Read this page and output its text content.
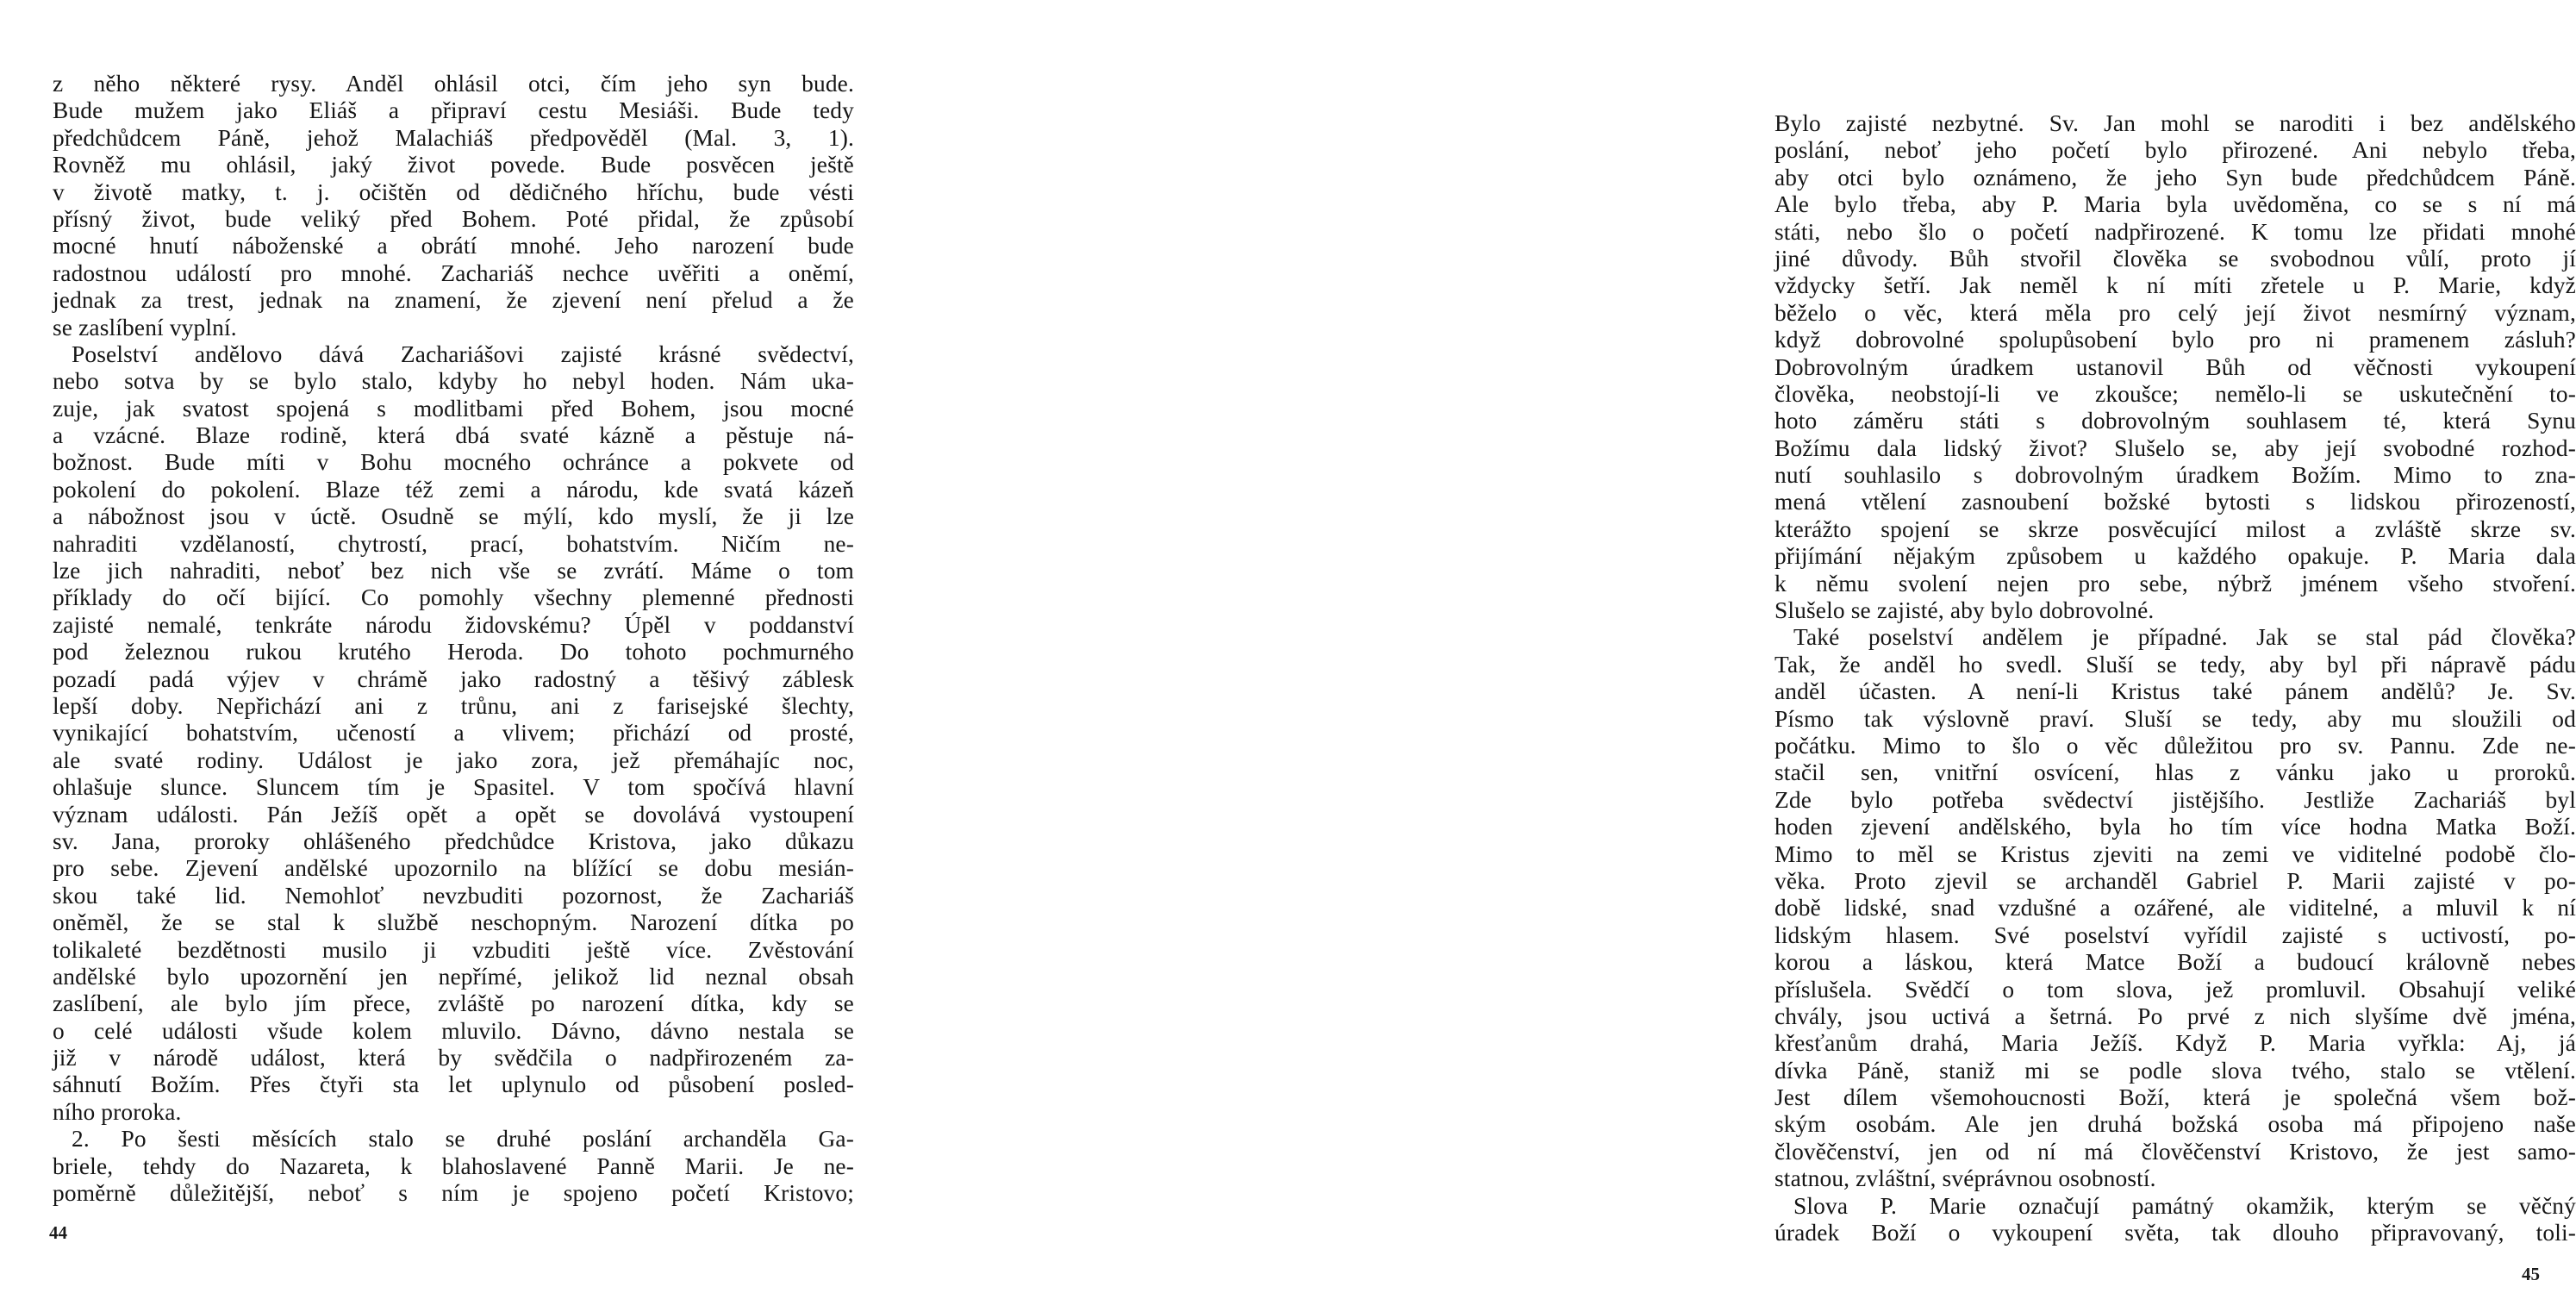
z něho některé rysy. Anděl ohlásil otci, čím jeho syn bude.
Bude mužem jako Eliáš a připraví cestu Mesiáši. Bude tedy
předchůdcem Páně, jehož Malachiáš předpověděl (Mal. 3, 1).
Rovněž mu ohlásil, jaký život povede. Bude posvěcen ještě
v životě matky, t. j. očištěn od dědičného hříchu, bude vésti
přísný život, bude veliký před Bohem. Poté přidal, že způsobí
mocné hnutí náboženské a obrátí mnohé. Jeho narození bude
radostnou událostí pro mnohé. Zachariáš nechce uvěřiti a oněmí,
jednak za trest, jednak na znamení, že zjevení není přelud a že
se zaslíbení vyplní.
Poselství andělovo dává Zachariášovi zajisté krásné svědectví,
nebo sotva by se bylo stalo, kdyby ho nebyl hoden. Nám uka-
zuje, jak svatost spojená s modlitbami před Bohem, jsou mocné
a vzácné. Blaze rodině, která dbá svaté kázně a pěstuje ná-
božnost. Bude míti v Bohu mocného ochránce a pokvete od
pokolení do pokolení. Blaze též zemi a národu, kde svatá kázeň
a nábožnost jsou v úctě. Osudně se mýlí, kdo myslí, že ji lze
nahraditi vzdělaností, chytrostí, prací, bohatstvím. Ničím ne-
lze jich nahraditi, neboť bez nich vše se zvrátí. Máme o tom
příklady do očí bijící. Co pomohly všechny plemenné přednosti
zajisté nemalé, tenkráte národu židovskému? Úpěl v poddanství
pod železnou rukou krutého Heroda. Do tohoto pochmurného
pozadí padá výjev v chrámě jako radostný a těšivý záblesk
lepší doby. Nepřichází ani z trůnu, ani z farisejské šlechty,
vynikající bohatstvím, učeností a vlivem; přichází od prosté,
ale svaté rodiny. Událost je jako zora, jež přemáhajíc noc,
ohlašuje slunce. Sluncem tím je Spasitel. V tom spočívá hlavní
význam události. Pán Ježíš opět a opět se dovolává vystoupení
sv. Jana, proroky ohlášeného předchůdce Kristova, jako důkazu
pro sebe. Zjevení andělské upozornilo na blížící se dobu mesián-
skou také lid. Nemohloť nevzbuditi pozornost, že Zachariáš
oněměl, že se stal k službě neschopným. Narození dítka po
tolikaleté bezdětnosti musilo ji vzbuditi ještě více. Zvěstování
andělské bylo upozornění jen nepřímé, jelikož lid neznal obsah
zaslíbení, ale bylo jím přece, zvláště po narození dítka, kdy se
o celé události všude kolem mluvilo. Dávno, dávno nestala se
již v národě událost, která by svědčila o nadpřirozeném za-
sáhnutí Božím. Přes čtyři sta let uplynulo od působení posled-
ního proroka.
2. Po šesti měsících stalo se druhé poslání archanděla Ga-
briele, tehdy do Nazareta, k blahoslavené Panně Marii. Je ne-
poměrně důležitější, neboť s ním je spojeno početí Kristovo;
44
Bylo zajisté nezbytné. Sv. Jan mohl se naroditi i bez andělského
poslání, neboť jeho početí bylo přirozené. Ani nebylo třeba,
aby otci bylo oznámeno, že jeho Syn bude předchůdcem Páně.
Ale bylo třeba, aby P. Maria byla uvědoměna, co se s ní má
státi, nebo šlo o početí nadpřirozené. K tomu lze přidati mnohé
jiné důvody. Bůh stvořil člověka se svobodnou vůlí, proto jí
vždycky šetří. Jak neměl k ní míti zřetele u P. Marie, když
běželo o věc, která měla pro celý její život nesmírný význam,
když dobrovolné spolupůsobení bylo pro ni pramenem zásluh?
Dobrovolným úradkem ustanovil Bůh od věčnosti vykoupení
člověka, neobstojí-li ve zkoušce; nemělo-li se uskutečnění to-
hoto záměru státi s dobrovolným souhlasem té, která Synu
Božímu dala lidský život? Slušelo se, aby její svobodné rozhod-
nutí souhlasilo s dobrovolným úradkem Božím. Mimo to zna-
mená vtělení zasnoubení božské bytosti s lidskou přirozeností,
kterážto spojení se skrze posvěcující milost a zvláště skrze sv.
přijímání nějakým způsobem u každého opakuje. P. Maria dala
k němu svolení nejen pro sebe, nýbrž jménem všeho stvoření.
Slušelo se zajisté, aby bylo dobrovolné.
Také poselství andělem je případné. Jak se stal pád člověka?
Tak, že anděl ho svedl. Sluší se tedy, aby byl při nápravě pádu
anděl účasten. A není-li Kristus také pánem andělů? Je. Sv.
Písmo tak výslovně praví. Sluší se tedy, aby mu sloužili od
počátku. Mimo to šlo o věc důležitou pro sv. Pannu. Zde ne-
stačil sen, vnitřní osvícení, hlas z vánku jako u proroků.
Zde bylo potřeba svědectví jistějšího. Jestliže Zachariáš byl
hoden zjevení andělského, byla ho tím více hodna Matka Boží.
Mimo to měl se Kristus zjeviti na zemi ve viditelné podobě člo-
věka. Proto zjevil se archanděl Gabriel P. Marii zajisté v po-
době lidské, snad vzdušné a ozářené, ale viditelné, a mluvil k ní
lidským hlasem. Své poselství vyřídil zajisté s uctivostí, po-
korou a láskou, která Matce Boží a budoucí královně nebes
příslušela. Svědčí o tom slova, jež promluvil. Obsahují veliké
chvály, jsou uctivá a šetrná. Po prvé z nich slyšíme dvě jména,
křesťanům drahá, Maria Ježíš. Když P. Maria vyřkla: Aj, já
dívka Páně, staniž mi se podle slova tvého, stalo se vtělení.
Jest dílem všemohoucnosti Boží, která je společná všem bož-
ským osobám. Ale jen druhá božská osoba má připojeno naše
člověčenství, jen od ní má člověčenství Kristovo, že jest samo-
statnou, zvláštní, svéprávnou osobností.
Slova P. Marie označují památný okamžik, kterým se věčný
úradek Boží o vykoupení světa, tak dlouho připravovaný, toli-
45
